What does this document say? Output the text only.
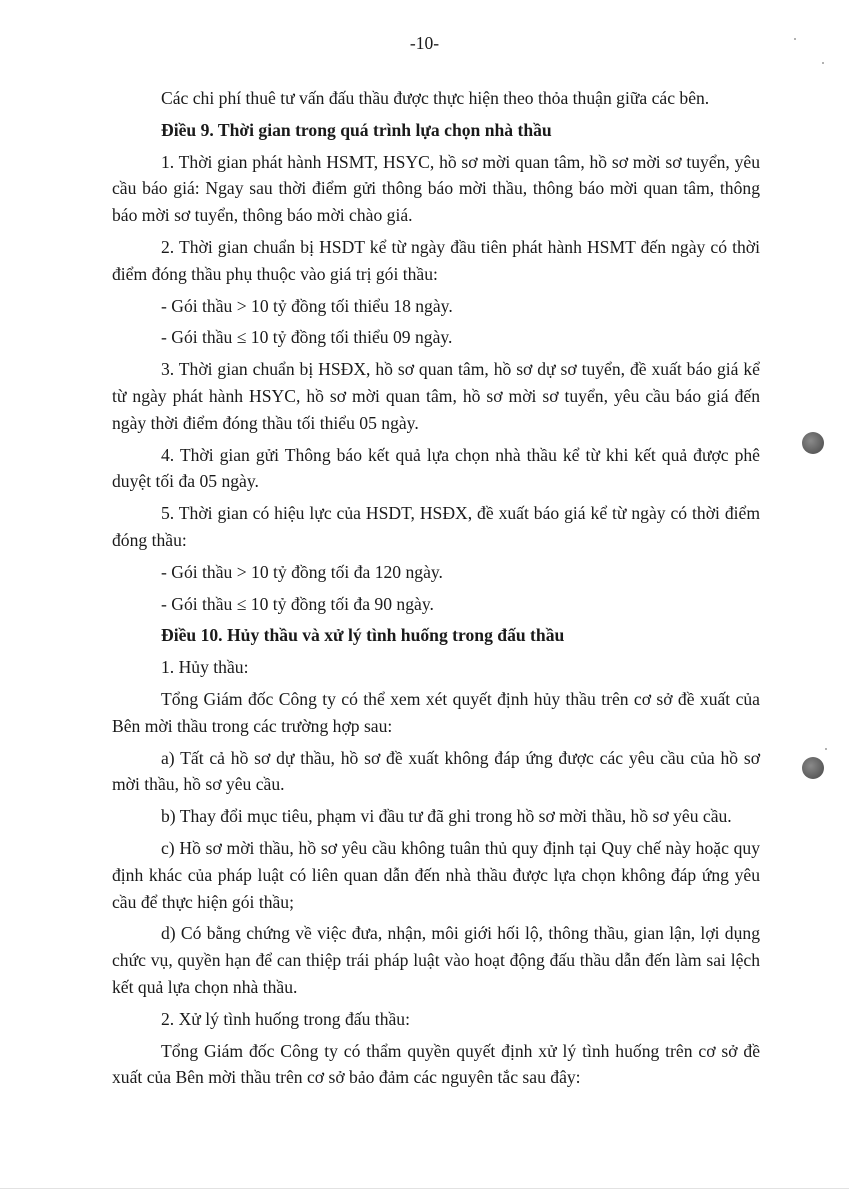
-10-

Các chi phí thuê tư vấn đấu thầu được thực hiện theo thỏa thuận giữa các bên.

Điều 9. Thời gian trong quá trình lựa chọn nhà thầu

1. Thời gian phát hành HSMT, HSYC, hồ sơ mời quan tâm, hồ sơ mời sơ tuyển, yêu cầu báo giá: Ngay sau thời điểm gửi thông báo mời thầu, thông báo mời quan tâm, thông báo mời sơ tuyển, thông báo mời chào giá.

2. Thời gian chuẩn bị HSDT kể từ ngày đầu tiên phát hành HSMT đến ngày có thời điểm đóng thầu phụ thuộc vào giá trị gói thầu:

- Gói thầu > 10 tỷ đồng tối thiểu 18 ngày.

- Gói thầu ≤ 10 tỷ đồng tối thiểu 09 ngày.

3. Thời gian chuẩn bị HSĐX, hồ sơ quan tâm, hồ sơ dự sơ tuyển, đề xuất báo giá kể từ ngày phát hành HSYC, hồ sơ mời quan tâm, hồ sơ mời sơ tuyển, yêu cầu báo giá đến ngày thời điểm đóng thầu tối thiểu 05 ngày.

4. Thời gian gửi Thông báo kết quả lựa chọn nhà thầu kể từ khi kết quả được phê duyệt tối đa 05 ngày.

5. Thời gian có hiệu lực của HSDT, HSĐX, đề xuất báo giá kể từ ngày có thời điểm đóng thầu:

- Gói thầu > 10 tỷ đồng tối đa 120 ngày.

- Gói thầu ≤ 10 tỷ đồng tối đa 90 ngày.

Điều 10. Hủy thầu và xử lý tình huống trong đấu thầu

1. Hủy thầu:

Tổng Giám đốc Công ty có thể xem xét quyết định hủy thầu trên cơ sở đề xuất của Bên mời thầu trong các trường hợp sau:

a) Tất cả hồ sơ dự thầu, hồ sơ đề xuất không đáp ứng được các yêu cầu của hồ sơ mời thầu, hồ sơ yêu cầu.

b) Thay đổi mục tiêu, phạm vi đầu tư đã ghi trong hồ sơ mời thầu, hồ sơ yêu cầu.

c) Hồ sơ mời thầu, hồ sơ yêu cầu không tuân thủ quy định tại Quy chế này hoặc quy định khác của pháp luật có liên quan dẫn đến nhà thầu được lựa chọn không đáp ứng yêu cầu để thực hiện gói thầu;

d) Có bằng chứng về việc đưa, nhận, môi giới hối lộ, thông thầu, gian lận, lợi dụng chức vụ, quyền hạn để can thiệp trái pháp luật vào hoạt động đấu thầu dẫn đến làm sai lệch kết quả lựa chọn nhà thầu.

2. Xử lý tình huống trong đấu thầu:

Tổng Giám đốc Công ty có thẩm quyền quyết định xử lý tình huống trên cơ sở đề xuất của Bên mời thầu trên cơ sở bảo đảm các nguyên tắc sau đây:
